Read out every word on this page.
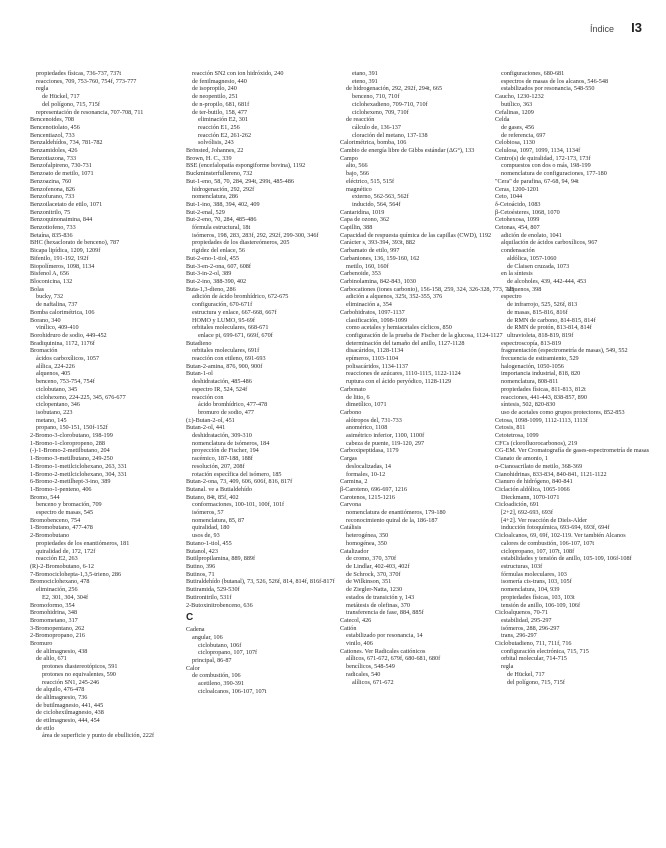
Índice I3
propiedades físicas, 736-737, 737t
reacciones, 709, 753-760, 754f, 773-777
regla
de Hückel, 717
del polígono, 715, 715f
representación de resonancia, 707-708, 711
Bencenoides, 708
Bencenotiolato, 456
Bencentiazol, 733
Benzaldehídos, 734, 781-782
Benzamidoles, 426
Benzotiazona, 733
Benzofalpireno, 730-731
Benzoato de metilo, 1071
Benzoazina, 760
Benzofenona, 826
Benzofurano, 733
Benzoilacetato de etilo, 1071
Benzonitrilo, 75
Benzoquinonaimina, 844
Benzotiofeno, 733
Betaína, 835-836
BHC (hexaclorato de benceno), 787
Bicapa lipídica, 1209, 1209f
Bifenilo, 191-192, 192f
Biopolímeros, 1098, 1134
Bisfenol A, 656
Bloconicina, 132
Bolas
bucky, 732
de naftalina, 737
Bomba calorimétrica, 106
Borano, 340
vinílico, 409-410
Borohidruro de sodio, 449-452
Bradiquinina, 1172, 1176f
Bromación
ácidos carboxílicos, 1057
alílica, 224-226
alquenos, 405
benceno, 753-754, 754f
ciclobutano, 345
ciclohexeno, 224-225, 345, 676-677
ciclopentano, 346
isobutano, 223
metano, 145
propano, 150-151, 150f-152f
2-Bromo-3-clorobutano, 198-199
1-Bromo-1-cloropropeno, 288
(-)-1-Bromo-2-metilbutano, 204
1-Bromo-3-metilbutano, 249-250
1-Bromo-1-metilciclohexano, 263, 331
1-Bromo-2-metilciclohexano, 304, 331
6-Bromo-2-metilhept-3-ino, 389
1-Bromo-1-penteno, 406
Bromo, 544
benceno y bromación, 709
espectro de masas, 545
Bromobenceno, 754
1-Bromobutano, 477-478
2-Bromobutano
propiedades de los enantiómeros, 181
quiralidad de, 172, 172f
reacción E2, 263
(R)-2-Bromobutano, 6-12
7-Bromociclohepta-1,3,5-trieno, 286
Bromociclohexano, 478
eliminación, 256
E2, 301, 304, 304f
Bromoformo, 354
Bromohidrina, 348
Bromometano, 317
3-Bromopentano, 262
2-Bromopropano, 216
Bromuro
de alilmagnesio, 438
de alilo, 671
protones diastereotópicos, 591
protones no equivalentes, 590
reacción SN1, 245-246
de alquilo, 476-478
de alilmagnesio, 736
de butilmagnesio, 441, 445
de ciclohexilmagnesio, 438
de etilmagnesio, 444, 454
de etilo
área de superficie y punto de ebullición, 222f
reacción SN2 con ion hidróxido, 240
de fenilmagnesio, 440
de isopropilo, 240
de neopentilo, 251
de n-propilo, 681, 681f
de ter-butilo, 158, 477
eliminación E2, 301
reacción E1, 256
reacción E2, 261-262
solvólisis, 243
Brönsted, Johannes, 22
Brown, H. C., 339
BSE (encefalopatía espongiforme bovina), 1192
Buckminsterfullereno, 732
But-1-eno, 58, 70, 284, 294t, 299t, 485-486
hidrogenación, 292, 292f
nomenclatura, 286
But-1-ino, 388, 394, 402, 409
But-2-enal, 529
But-2-eno, 70, 284, 485-486
fórmula estructural, 18t
isómeros, 198, 283, 283f, 292, 292f, 299-300, 346f
propiedades de los diastereómeros, 205
rigidez del enlace, 56
But-2-eno-1-tiol, 455
But-3-en-2-ona, 607, 608f
But-3-in-2-ol, 389
But-2-ino, 388-390, 402
Buta-1,3-dieno, 286
adición de ácido bromhídrico, 672-675
configuración, 670-671f
estructura y enlace, 667-668, 667f
HOMO y LUMO, 95-69f
orbitales moleculares, 668-671
enlace pi, 699-671, 669f, 670f
Butadieno
orbitales moleculares, 691f
reacción con etileno, 691-693
Butan-2-amina, 876, 900, 900f
Butan-1-ol
deshidratación, 485-486
espectro IR, 524, 524f
reacción con
ácido bromhídrico, 477-478
bromuro de sodio, 477
(±)-Butan-2-ol, 451
Butan-2-ol, 441
deshidratación, 309-310
nomenclatura de isómeros, 184
proyección de Fischer, 194
racémico, 187-188, 188f
resolución, 207, 208f
rotación específica del isómero, 185
Butan-2-ona, 73, 409, 606, 606f, 816, 817f
Butanal. ve a Butialdehído
Butano, 84t, 85f, 402
conformaciones, 100-101, 100f, 101f
isómeros, 57
nomenclatura, 85, 87
quiralidad, 180
usos de, 93
Butano-1-tiol, 455
Butanol, 423
Butilpropilamina, 889, 889f
Butino, 396
Butinos, 71
Butiraldehído (butanal), 73, 526, 526f, 814, 814f, 816f-817f
Butiramida, 529-530f
Butironitrilo, 531f
2-Butoxinitrobenceno, 636
C
Cadena
angular, 106
ciclobutano, 106f
ciclopropano, 107, 107f
principal, 86-87
Calor
de combustión, 106
acetileno, 390-391
cicloalcanos, 106-107, 107t
etano, 391
eteno, 391
de hidrogenación, 292, 292f, 294t, 665
benceno, 710, 710f
ciclohexadieno, 709-710, 710f
ciclohexeno, 709, 710f
de reacción
cálculo de, 136-137
cloración del metano, 137-138
Calorimétrica, bomba, 106
Cambio de energía libre de Gibbs estándar (ΔG°), 133
Campo
alto, 566
bajo, 566
eléctrico, 515, 515f
magnético
externo, 562-563, 562f
inducido, 564, 564f
Cantaridina, 1019
Capa de ozono, 362
Capillin, 388
Capacidad de respuesta química de las capillas (CWD), 1192
Carácter s, 393-394, 393t, 882
Carbamato de etilo, 997
Carbaniones, 136, 159-160, 162
metilo, 160, 160f
Carbenoide, 353
Carbinolamina, 842-843, 1030
Carbocationes (iones carbonio), 156-158, 259, 324, 326-328, 773, 725
adición a alquenos, 325t, 352-355, 376
eliminación a, 354
Carbohidratos, 1097-1137
clasificación, 1098-1099
como acetales y hemiacetales cíclicos, 850
configuración de la prueba de Fischer de la glucosa, 1124-1127
determinación del tamaño del anillo, 1127-1128
disacáridos, 1128-1134
epímeros, 1103-1104
polisacáridos, 1134-1137
reacciones de azúcares, 1110-1115, 1122-1124
ruptura con el ácido peryódico, 1128-1129
Carbonato
de litio, 6
dimetílico, 1071
Carbono
alótropos del, 731-733
anomérico, 1108
asimétrico inferior, 1100, 1100f
cabeza de puente, 119-120, 297
Carboxipeptidasa, 1179
Cargas
deslocalizadas, 14
formales, 10-12
Carmina, 2
β-Caroteno, 696-697, 1216
Carotenos, 1215-1216
Carvona
nomenclatura de enantiómeros, 179-180
reconocimiento quiral de la, 186-187
Catálisis
heterogénea, 350
homogénea, 350
Catalizador
de cromo, 370, 370f
de Lindlar, 402-403, 402f
de Schrock, 370, 370f
de Wilkinson, 351
de Ziegler-Natta, 1230
estados de transición y, 143
metátesis de olefinas, 370
transferencia de fase, 884, 885f
Catecol, 426
Catión
estabilizado por resonancia, 14
vinilo, 406
Cationes. Ver Radicales catiónicos
alílicos, 671-672, 679f, 680-681, 680f
bencílicos, 548-549
radicales, 540
alílicos, 671-672
configuraciones, 680-681
espectros de masas de los alcanos, 546-548
estabilizados por resonancia, 548-550
Caucho, 1230-1232
butílico, 363
Cefalinas, 1209
Celda
de gases, 456
de referencia, 697
Celobiosa, 1130
Celulosa, 1097, 1099, 1134, 1134f
Centro(s) de quiralidad, 172-173, 173f
compuestos con dos o más, 198-199
nomenclatura de configuraciones, 177-180
"Cera" de parafina, 67-68, 94, 94t
Ceras, 1200-1201
Ceto, 1044
δ-Cetoácido, 1083
β-Cetoésteres, 1068, 1070
Cetohexosa, 1099
Cetonas, 454, 807
adición de enolato, 1041
alquilación de ácidos carboxílicos, 967
condensación
aldólica, 1057-1060
de Claisen cruzada, 1073
en la síntesis
de alcoholes, 439, 442-444, 453
alquenos, 398
espectro
de infrarrojo, 525, 526f, 813
de masas, 815-816, 816f
de RMN de carbono, 814-815, 814f
de RMN de protón, 813-814, 814f
ultravioleta, 818-819, 819f
espectroscopía, 813-819
fragmentación (espectrometría de masas), 549, 552
frecuencia de estiramiento, 529
halogenación, 1050-1056
importancia industrial, 818, 820
nomenclatura, 808-811
propiedades físicas, 811-813, 812t
reacciones, 441-443, 838-857, 890
síntesis, 502, 820-830
uso de acetales como grupos protectores, 852-853
Cetosa, 1098-1099, 1112-1113, 1113f
Cetosis, 811
Cetotetrosa, 1099
CFCs (clorofluorocarbonos), 219
CG-EM. Ver Cromatografía de gases-espectrometría de masas
Cianato de amonio, 1
α-Cianoacrilato de metilo, 368-369
Cianohidrinas, 833-834, 840-841, 1121-1122
Cianuro de hidrógeno, 840-841
Ciclación aldólica, 1065-1066
Dieckmann, 1070-1071
Cicloadición, 691
[2+2], 692-693, 693f
[4+2]. Ver reacción de Diels-Alder
inducción fotoquímica, 693-694, 693f, 694f
Cicloalcanos, 69, 69f, 102-119. Ver también Alcanos
calores de combustión, 106-107, 107t
ciclopropano, 107, 107t, 108f
estabilidades y tensión de anillo, 105-109, 106f-108f
estructuras, 103f
fórmulas moleculares, 103
isomería cis-trans, 103, 105f
nomenclatura, 104, 939
propiedades físicas, 103, 103t
tensión de anillo, 106-109, 106f
Cicloalquenos, 70-71
estabilidad, 295-297
isómeros, 288, 296-297
trans, 296-297
Ciclobutadieno, 711, 711f, 716
configuración electrónica, 715, 715
orbital molecular, 714-715
regla
de Hückel, 717
del polígono, 715, 715f
